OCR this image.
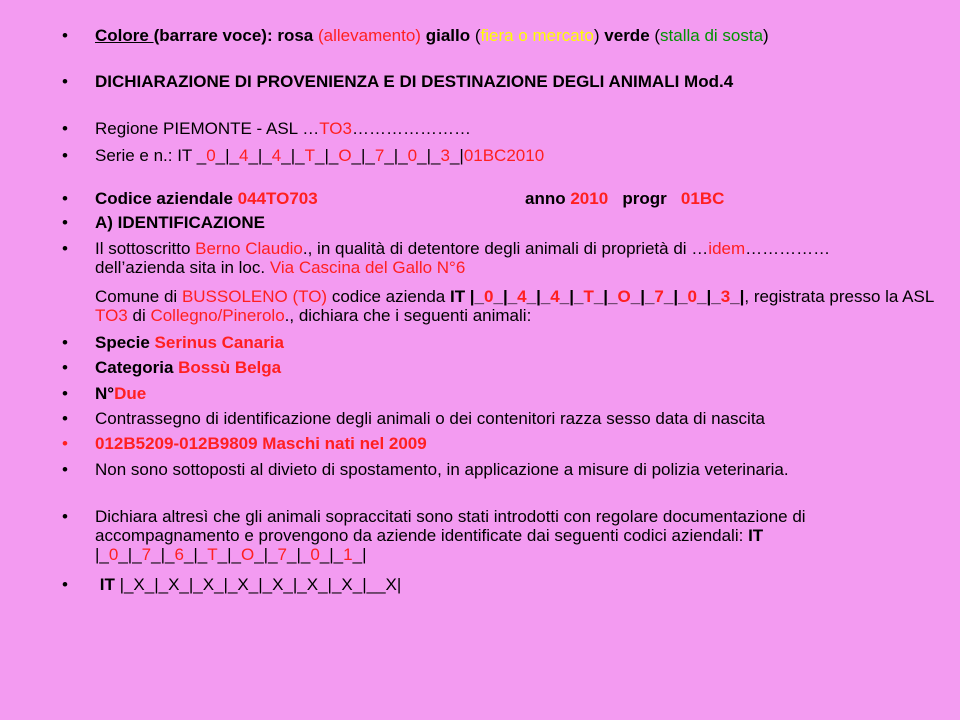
• Colore (barrare voce): rosa (allevamento) giallo (fiera o mercato) verde (stalla di sosta)
• DICHIARAZIONE DI PROVENIENZA E DI DESTINAZIONE DEGLI ANIMALI Mod.4
• Regione PIEMONTE - ASL …TO3…………………
• Serie e n.: IT _0_|_4_|_4_|_T_|_O_|_7_|_0_|_3_|01BC2010
• Codice aziendale 044TO703	anno 2010   progr   01BC
• A) IDENTIFICAZIONE
• Il sottoscritto Berno Claudio., in qualità di detentore degli animali di proprietà di …idem……………dell’azienda sita in loc. Via Cascina del Gallo N°6
Comune di BUSSOLENO (TO) codice azienda IT |_0_|_4_|_4_|_T_|_O_|_7_|_0_|_3_|, registrata presso la ASL TO3 di Collegno/Pinerolo., dichiara che i seguenti animali:
• Specie Serinus Canaria
• Categoria Bossù Belga
• N°Due
• Contrassegno di identificazione degli animali o dei contenitori razza sesso data di nascita
• 012B5209-012B9809 Maschi nati nel 2009
• Non sono sottoposti al divieto di spostamento, in applicazione a misure di polizia veterinaria.
• Dichiara altresì che gli animali sopraccitati sono stati introdotti con regolare documentazione di accompagnamento e provengono da aziende identificate dai seguenti codici aziendali: IT |_0_|_7_|_6_|_T_|_O_|_7_|_0_|_1_|
• IT |_X_|_X_|_X_|_X_|_X_|_X_|_X_|__X|
